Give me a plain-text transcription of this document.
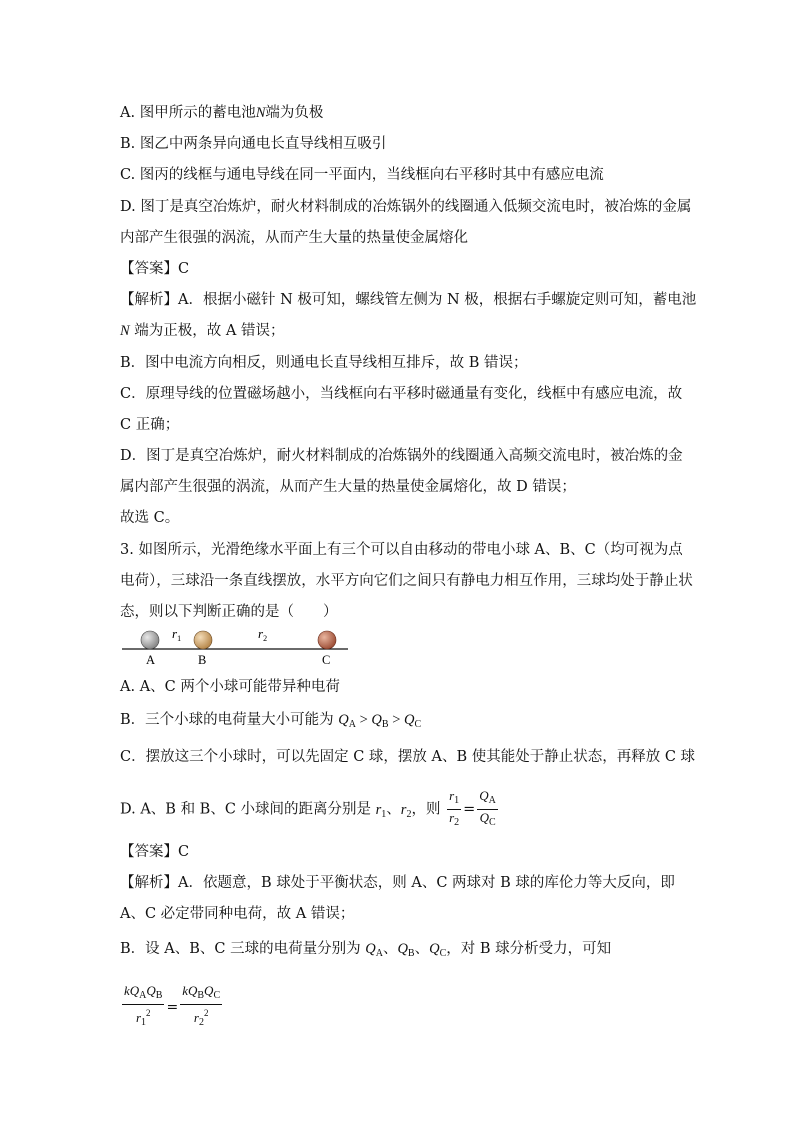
A. 图甲所示的蓄电池N端为负极
B. 图乙中两条异向通电长直导线相互吸引
C. 图丙的线框与通电导线在同一平面内，当线框向右平移时其中有感应电流
D. 图丁是真空冶炼炉，耐火材料制成的冶炼锅外的线圈通入低频交流电时，被冶炼的金属
内部产生很强的涡流，从而产生大量的热量使金属熔化
【答案】C
【解析】A．根据小磁针 N 极可知，螺线管左侧为 N 极，根据右手螺旋定则可知，蓄电池
N 端为正极，故 A 错误；
B．图中电流方向相反，则通电长直导线相互排斥，故 B 错误；
C．原理导线的位置磁场越小，当线框向右平移时磁通量有变化，线框中有感应电流，故
C 正确；
D．图丁是真空冶炼炉，耐火材料制成的冶炼锅外的线圈通入高频交流电时，被冶炼的金
属内部产生很强的涡流，从而产生大量的热量使金属熔化，故 D 错误；
故选 C。
3. 如图所示，光滑绝缘水平面上有三个可以自由移动的带电小球 A、B、C（均可视为点
电荷），三球沿一条直线摆放，水平方向它们之间只有静电力相互作用，三球均处于静止状
态，则以下判断正确的是（　　）
$r_1$	$r_2$
A	B	C
A. A、C 两个小球可能带异种电荷
B．三个小球的电荷量大小可能为 $Q_A > Q_B > Q_C$
C．摆放这三个小球时，可以先固定 C 球，摆放 A、B 使其能处于静止状态，再释放 C 球
D. A、B 和 B、C 小球间的距离分别是 $r_1$、$r_2$，则 $\frac{r_1}{r_2} = \frac{Q_A}{Q_C}$
【答案】C
【解析】A．依题意，B 球处于平衡状态，则 A、C 两球对 B 球的库伦力等大反向，即
A、C 必定带同种电荷，故 A 错误；
B．设 A、B、C 三球的电荷量分别为 $Q_A$、$Q_B$、$Q_C$，对 B 球分析受力，可知
$\frac{kQ_AQ_B}{r_1^2} = \frac{kQ_BQ_C}{r_2^2}$
